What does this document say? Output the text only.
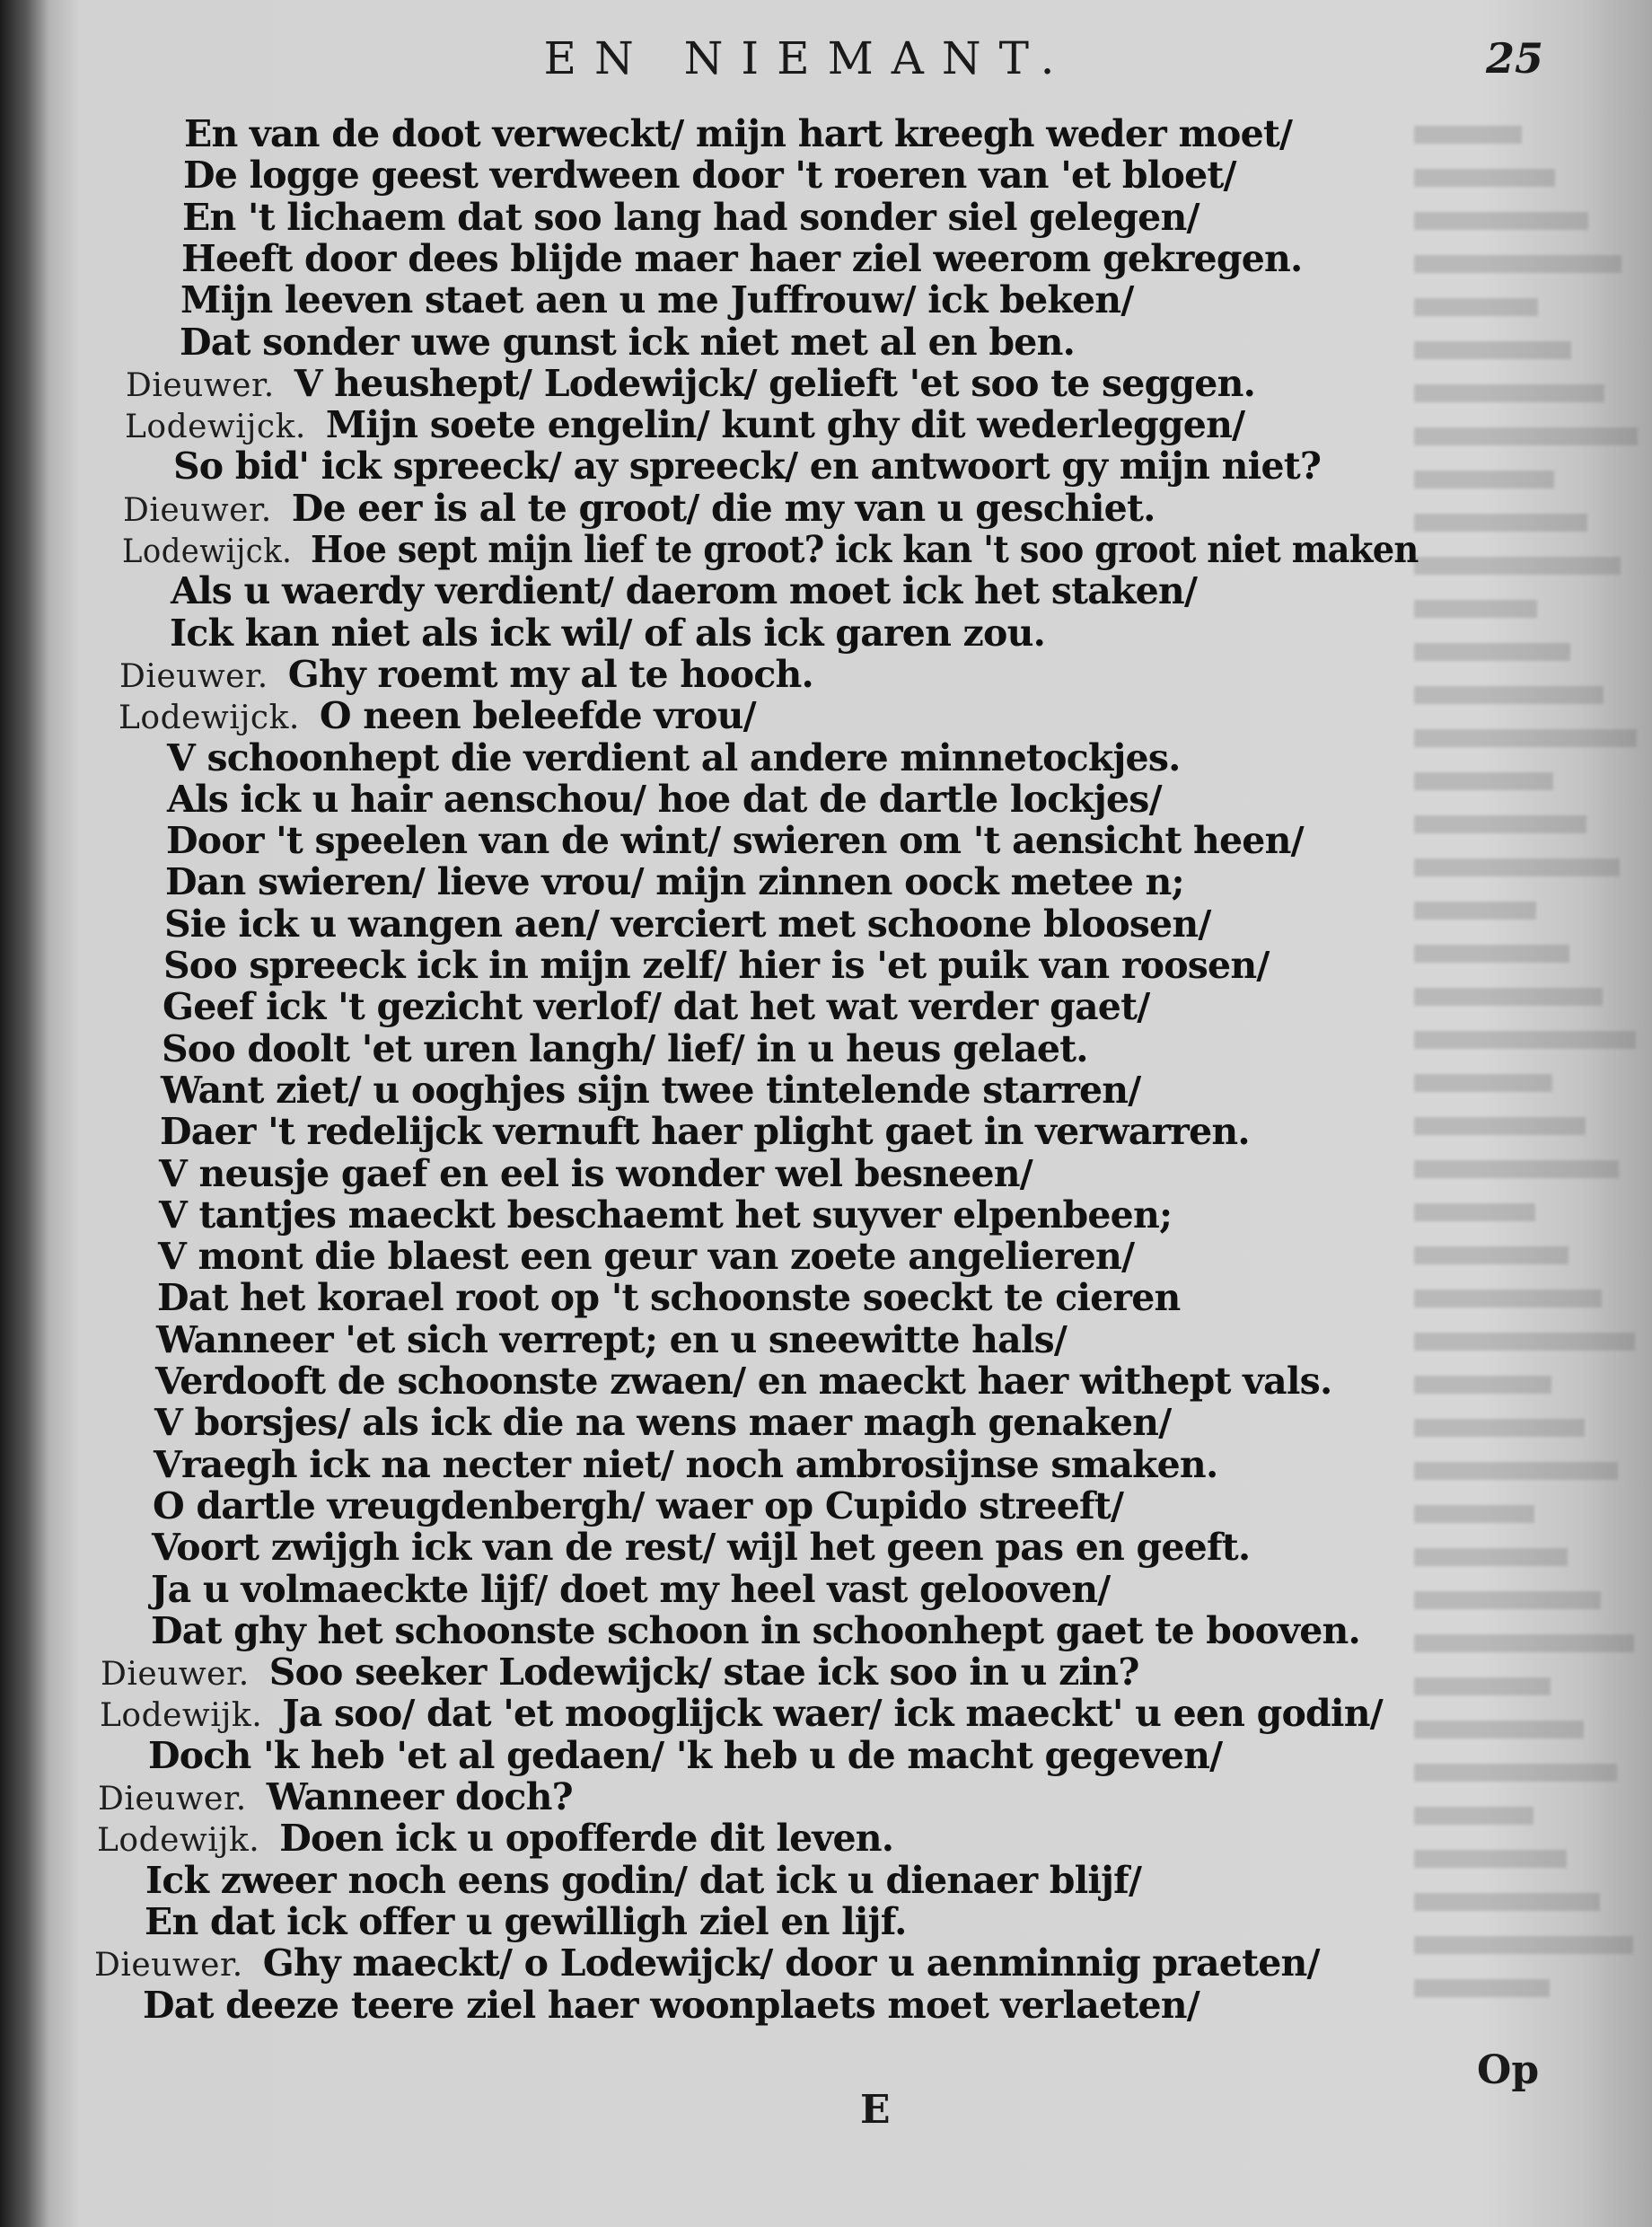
EN NIEMANT.	25
En van de doot verweckt/ mijn hart kreegh weder moet/
De logge geest verdween door 't roeren van 'et bloet/
En 't lichaem dat soo lang had sonder siel gelegen/
Heeft door dees blijde maer haer ziel weerom gekregen.
Mijn leeven staet aen u me Juffrouw/ ick beken/
Dat sonder uwe gunst ick niet met al en ben.
Dieuwer. V heushept/ Lodewijck/ gelieft 'et soo te seggen.
Lodewijck. Mijn soete engelin/ kunt ghy dit wederleggen/
So bid' ick spreeck/ ay spreeck/ en antwoort gy mijn niet?
Dieuwer. De eer is al te groot/ die my van u geschiet.
Lodewijck. Hoe sept mijn lief te groot? ick kan 't soo groot niet maken
Als u waerdy verdient/ daerom moet ick het staken/
Ick kan niet als ick wil/ of als ick garen zou.
Dieuwer. Ghy roemt my al te hooch.
Lodewijck. O neen beleefde vrou/
V schoonhept die verdient al andere minnetockjes.
Als ick u hair aenschou/ hoe dat de dartle lockjes/
Door 't speelen van de wint/ swieren om 't aensicht heen/
Dan swieren/ lieve vrou/ mijn zinnen oock metee n;
Sie ick u wangen aen/ verciert met schoone bloosen/
Soo spreeck ick in mijn zelf/ hier is 'et puik van roosen/
Geef ick 't gezicht verlof/ dat het wat verder gaet/
Soo doolt 'et uren langh/ lief/ in u heus gelaet.
Want ziet/ u ooghjes sijn twee tintelende starren/
Daer 't redelijck vernuft haer plight gaet in verwarren.
V neusje gaef en eel is wonder wel besneen/
V tantjes maeckt beschaemt het suyver elpenbeen;
V mont die blaest een geur van zoete angelieren/
Dat het korael root op 't schoonste soeckt te cieren
Wanneer 'et sich verrept; en u sneewitte hals/
Verdooft de schoonste zwaen/ en maeckt haer withept vals.
V borsjes/ als ick die na wens maer magh genaken/
Vraegh ick na necter niet/ noch ambrosijnse smaken.
O dartle vreugdenbergh/ waer op Cupido streeft/
Voort zwijgh ick van de rest/ wijl het geen pas en geeft.
Ja u volmaeckte lijf/ doet my heel vast gelooven/
Dat ghy het schoonste schoon in schoonhept gaet te booven.
Dieuwer. Soo seeker Lodewijck/ stae ick soo in u zin?
Lodewijk. Ja soo/ dat 'et mooglijck waer/ ick maeckt' u een godin/
Doch 'k heb 'et al gedaen/ 'k heb u de macht gegeven/
Dieuwer. Wanneer doch?
Lodewijk. Doen ick u opofferde dit leven.
Ick zweer noch eens godin/ dat ick u dienaer blijf/
En dat ick offer u gewilligh ziel en lijf.
Dieuwer. Ghy maeckt/ o Lodewijck/ door u aenminnig praeten/
Dat deeze teere ziel haer woonplaets moet verlaeten/
E
Op
